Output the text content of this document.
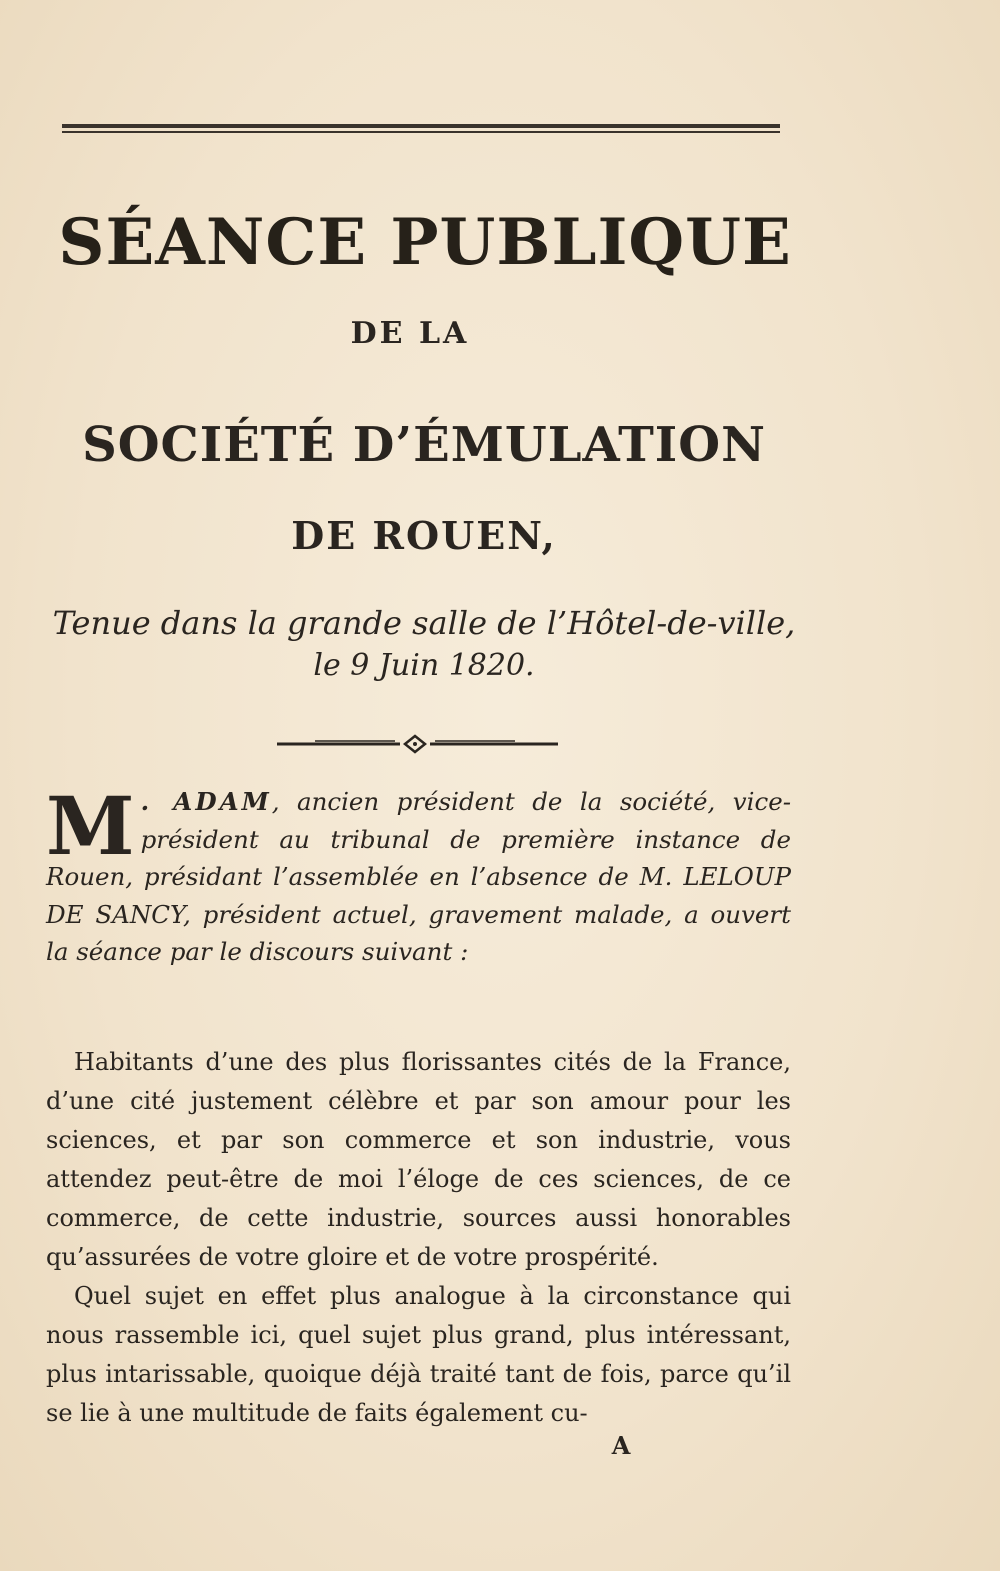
SÉANCE PUBLIQUE
DE LA
SOCIÉTÉ D’ÉMULATION
DE ROUEN,
Tenue dans la grande salle de l’Hôtel-de-ville,
le 9 Juin 1820.
M . ADAM, ancien président de la société, vice-président au tribunal de première instance de Rouen, présidant l’assemblée en l’absence de M. LELOUP DE SANCY, président actuel, gravement malade, a ouvert la séance par le discours suivant :

Habitants d’une des plus florissantes cités de la France, d’une cité justement célèbre et par son amour pour les sciences, et par son commerce et son industrie, vous attendez peut-être de moi l’éloge de ces sciences, de ce commerce, de cette industrie, sources aussi honorables qu’assurées de votre gloire et de votre prospérité.

Quel sujet en effet plus analogue à la circonstance qui nous rassemble ici, quel sujet plus grand, plus intéressant, plus intarissable, quoique déjà traité tant de fois, parce qu’il se lie à une multitude de faits également cu-

A
